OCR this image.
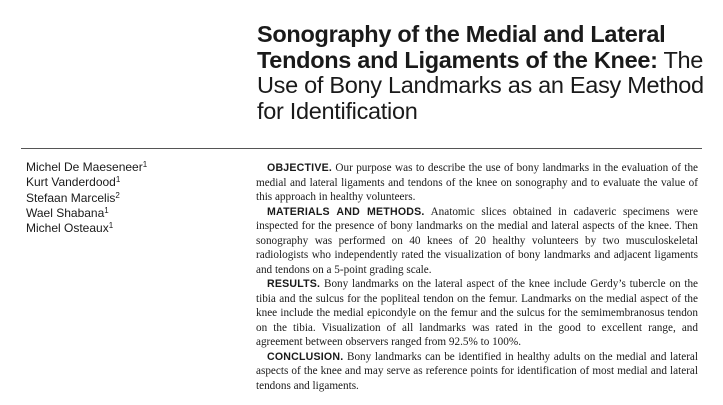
Sonography of the Medial and Lateral Tendons and Ligaments of the Knee: The Use of Bony Landmarks as an Easy Method for Identification
Michel De Maeseneer$^1$
Kurt Vanderdood$^1$
Stefaan Marcelis$^2$
Wael Shabana$^1$
Michel Osteaux$^1$

OBJECTIVE. Our purpose was to describe the use of bony landmarks in the evaluation of the medial and lateral ligaments and tendons of the knee on sonography and to evaluate the value of this approach in healthy volunteers.

MATERIALS AND METHODS. Anatomic slices obtained in cadaveric specimens were inspected for the presence of bony landmarks on the medial and lateral aspects of the knee. Then sonography was performed on 40 knees of 20 healthy volunteers by two musculoskeletal radiologists who independently rated the visualization of bony landmarks and adjacent ligaments and tendons on a 5-point grading scale.

RESULTS. Bony landmarks on the lateral aspect of the knee include Gerdy’s tubercle on the tibia and the sulcus for the popliteal tendon on the femur. Landmarks on the medial aspect of the knee include the medial epicondyle on the femur and the sulcus for the semimembranosus tendon on the tibia. Visualization of all landmarks was rated in the good to excellent range, and agreement between observers ranged from 92.5% to 100%.

CONCLUSION. Bony landmarks can be identified in healthy adults on the medial and lateral aspects of the knee and may serve as reference points for identification of most medial and lateral tendons and ligaments.
